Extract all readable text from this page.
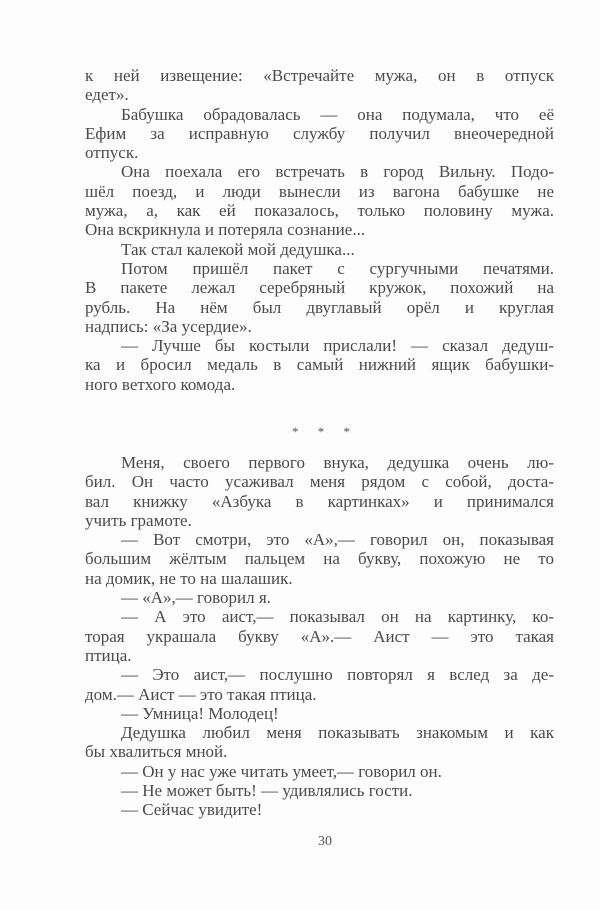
к ней извещение: «Встречайте мужа, он в отпуск
едет».
Бабушка обрадовалась — она подумала, что её
Ефим за исправную службу получил внеочередной
отпуск.
Она поехала его встречать в город Вильну. Подо-
шёл поезд, и люди вынесли из вагона бабушке не
мужа, а, как ей показалось, только половину мужа.
Она вскрикнула и потеряла сознание...
Так стал калекой мой дедушка...
Потом пришёл пакет с сургучными печатями.
В пакете лежал серебряный кружок, похожий на
рубль. На нём был двуглавый орёл и круглая
надпись: «За усердие».
— Лучше бы костыли прислали! — сказал дедуш-
ка и бросил медаль в самый нижний ящик бабушки-
ного ветхого комода.
* * *
Меня, своего первого внука, дедушка очень лю-
бил. Он часто усаживал меня рядом с собой, доста-
вал книжку «Азбука в картинках» и принимался
учить грамоте.
— Вот смотри, это «А»,— говорил он, показывая
большим жёлтым пальцем на букву, похожую не то
на домик, не то на шалашик.
— «А»,— говорил я.
— А это аист,— показывал он на картинку, ко-
торая украшала букву «А».— Аист — это такая
птица.
— Это аист,— послушно повторял я вслед за де-
дом.— Аист — это такая птица.
— Умница! Молодец!
Дедушка любил меня показывать знакомым и как
бы хвалиться мной.
— Он у нас уже читать умеет,— говорил он.
— Не может быть! — удивлялись гости.
— Сейчас увидите!
30
